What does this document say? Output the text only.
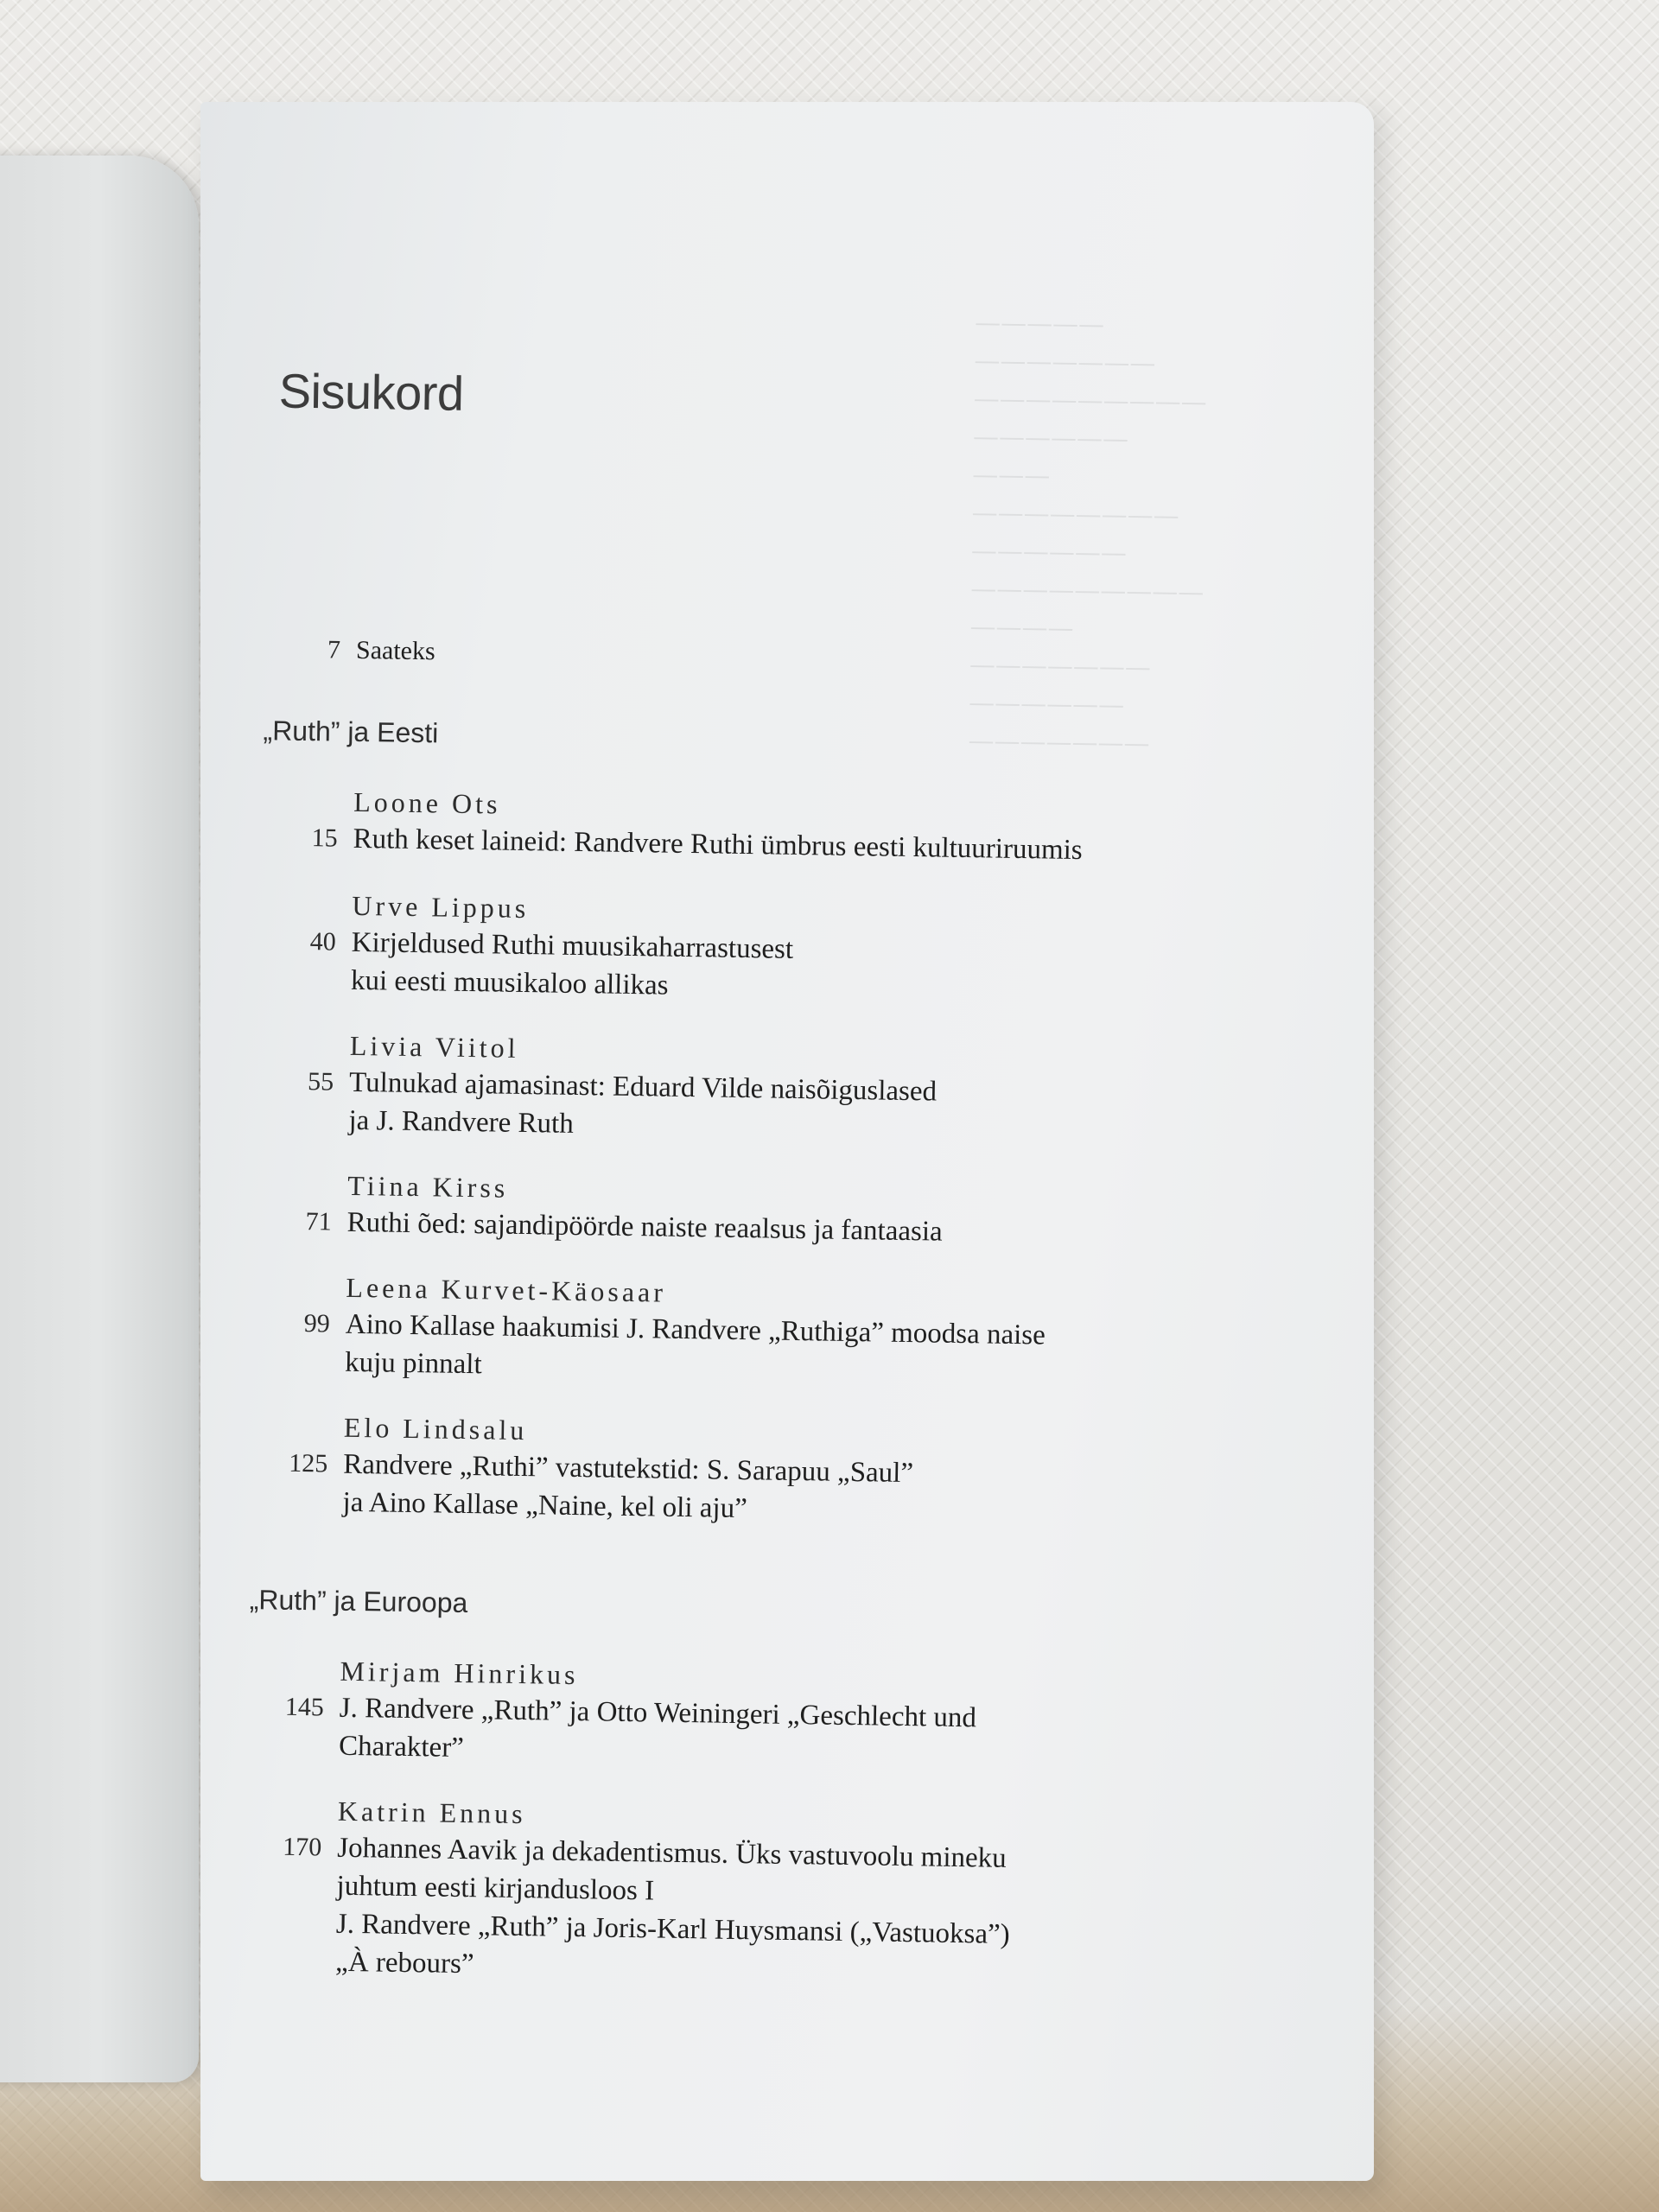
—————
———————
—————————
——————
———
————————
——————
—————————
————
———————
——————
———————
Sisukord
7 Saateks
„Ruth” ja Eesti
Loone Ots
15 Ruth keset laineid: Randvere Ruthi ümbrus eesti kultuuriruumis
Urve Lippus
40 Kirjeldused Ruthi muusikaharrastusest
kui eesti muusikaloo allikas
Livia Viitol
55 Tulnukad ajamasinast: Eduard Vilde naisõiguslased
ja J. Randvere Ruth
Tiina Kirss
71 Ruthi õed: sajandipöörde naiste reaalsus ja fantaasia
Leena Kurvet-Käosaar
99 Aino Kallase haakumisi J. Randvere „Ruthiga” moodsa naise
kuju pinnalt
Elo Lindsalu
125 Randvere „Ruthi” vastutekstid: S. Sarapuu „Saul”
ja Aino Kallase „Naine, kel oli aju”
„Ruth” ja Euroopa
Mirjam Hinrikus
145 J. Randvere „Ruth” ja Otto Weiningeri „Geschlecht und
Charakter”
Katrin Ennus
170 Johannes Aavik ja dekadentismus. Üks vastuvoolu mineku
juhtum eesti kirjandusloos I
J. Randvere „Ruth” ja Joris-Karl Huysmansi („Vastuoksa”)
„À rebours”
